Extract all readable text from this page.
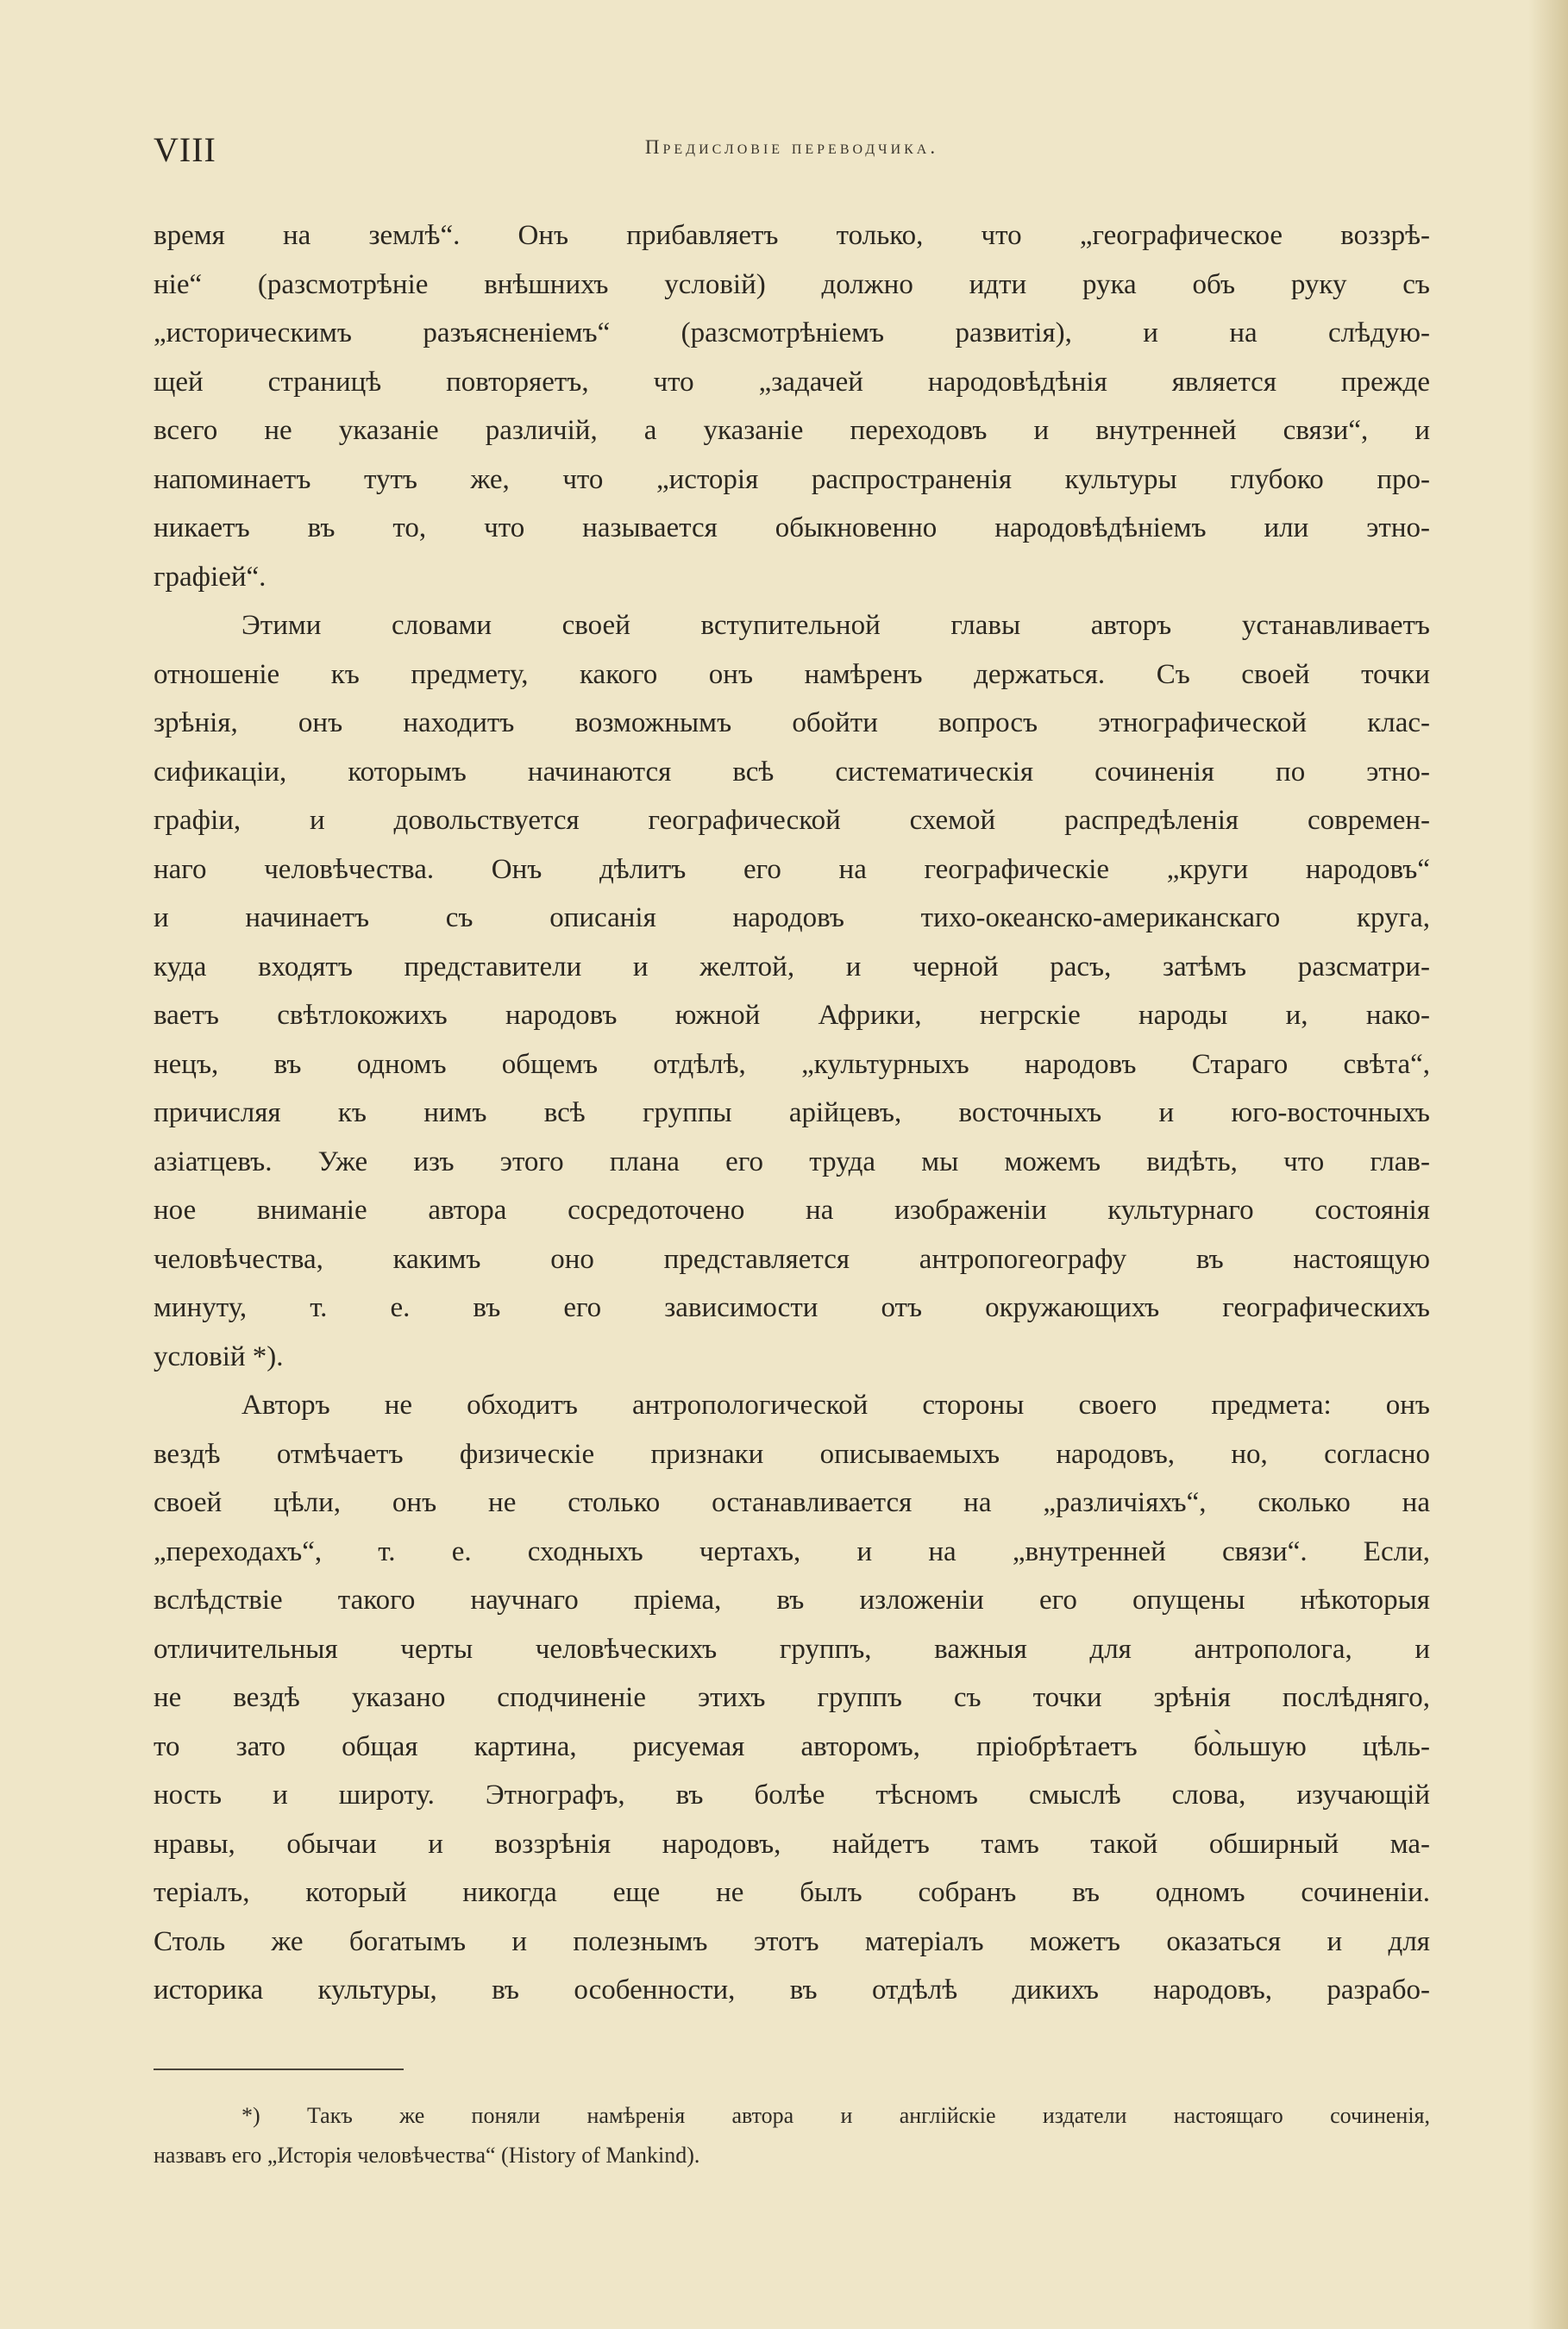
VIII	Предисловіе переводчика.
время на землѣ“. Онъ прибавляетъ только, что „географическое воззрѣ-
ніе“ (разсмотрѣніе внѣшнихъ условій) должно идти рука объ руку съ
„историческимъ разъясненіемъ“ (разсмотрѣніемъ развитія), и на слѣдую-
щей страницѣ повторяетъ, что „задачей народовѣдѣнія является прежде
всего не указаніе различій, а указаніе переходовъ и внутренней связи“, и
напоминаетъ тутъ же, что „исторія распространенія культуры глубоко про-
никаетъ въ то, что называется обыкновенно народовѣдѣніемъ или этно-
графіей“.
Этими словами своей вступительной главы авторъ устанавливаетъ
отношеніе къ предмету, какого онъ намѣренъ держаться. Съ своей точки
зрѣнія, онъ находитъ возможнымъ обойти вопросъ этнографической клас-
сификаціи, которымъ начинаются всѣ систематическія сочиненія по этно-
графіи, и довольствуется географической схемой распредѣленія современ-
наго человѣчества. Онъ дѣлитъ его на географическіе „круги народовъ“
и начинаетъ съ описанія народовъ тихо-океанско-американскаго круга,
куда входятъ представители и желтой, и черной расъ, затѣмъ разсматри-
ваетъ свѣтлокожихъ народовъ южной Африки, негрскіе народы и, нако-
нецъ, въ одномъ общемъ отдѣлѣ, „культурныхъ народовъ Стараго свѣта“,
причисляя къ нимъ всѣ группы арійцевъ, восточныхъ и юго-восточныхъ
азіатцевъ. Уже изъ этого плана его труда мы можемъ видѣть, что глав-
ное вниманіе автора сосредоточено на изображеніи культурнаго состоянія
человѣчества, какимъ оно представляется антропогеографу въ настоящую
минуту, т. е. въ его зависимости отъ окружающихъ географическихъ
условій *).
Авторъ не обходитъ антропологической стороны своего предмета: онъ
вездѣ отмѣчаетъ физическіе признаки описываемыхъ народовъ, но, согласно
своей цѣли, онъ не столько останавливается на „различіяхъ“, сколько на
„переходахъ“, т. е. сходныхъ чертахъ, и на „внутренней связи“. Если,
вслѣдствіе такого научнаго пріема, въ изложеніи его опущены нѣкоторыя
отличительныя черты человѣческихъ группъ, важныя для антрополога, и
не вездѣ указано сподчиненіе этихъ группъ съ точки зрѣнія послѣдняго,
то зато общая картина, рисуемая авторомъ, пріобрѣтаетъ бо̀льшую цѣль-
ность и широту. Этнографъ, въ болѣе тѣсномъ смыслѣ слова, изучающій
нравы, обычаи и воззрѣнія народовъ, найдетъ тамъ такой обширный ма-
теріалъ, который никогда еще не былъ собранъ въ одномъ сочиненіи.
Столь же богатымъ и полезнымъ этотъ матеріалъ можетъ оказаться и для
историка культуры, въ особенности, въ отдѣлѣ дикихъ народовъ, разрабо-
*) Такъ же поняли намѣренія автора и англійскіе издатели настоящаго сочиненія,
назвавъ его „Исторія человѣчества“ (History of Mankind).
